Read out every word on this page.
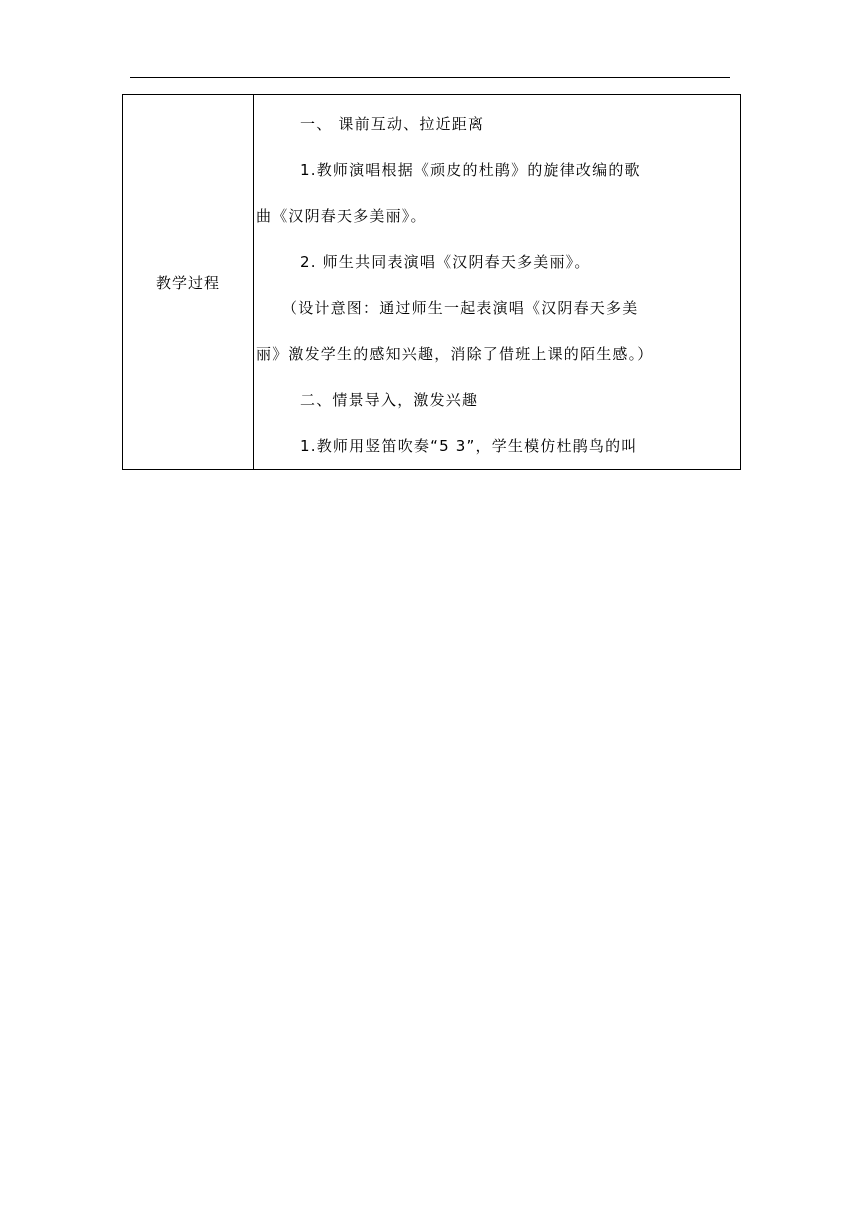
教学过程	
一、 课前互动、拉近距离
1.教师演唱根据《顽皮的杜鹃》的旋律改编的歌
曲《汉阴春天多美丽》。
2. 师生共同表演唱《汉阴春天多美丽》。
（设计意图：通过师生一起表演唱《汉阴春天多美
丽》激发学生的感知兴趣，消除了借班上课的陌生感。）
二、情景导入，激发兴趣
1.教师用竖笛吹奏“5 3”，学生模仿杜鹃鸟的叫
